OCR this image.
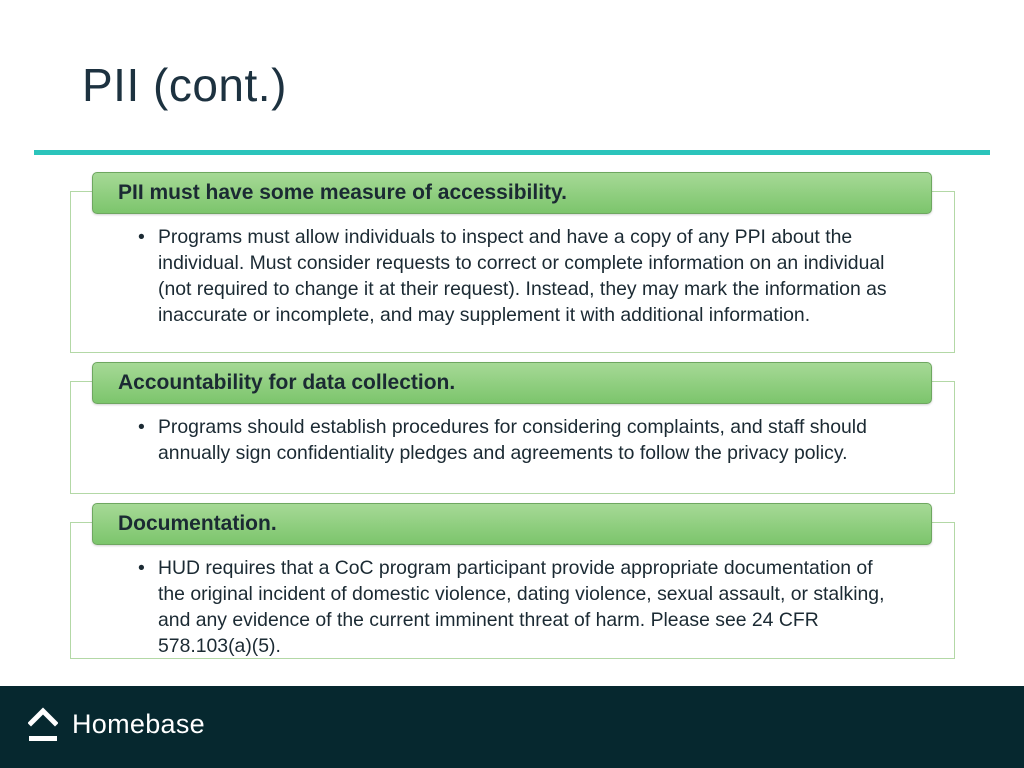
PII (cont.)
PII must have some measure of accessibility.
• Programs must allow individuals to inspect and have a copy of any PPI about the individual. Must consider requests to correct or complete information on an individual (not required to change it at their request). Instead, they may mark the information as inaccurate or incomplete, and may supplement it with additional information.
Accountability for data collection.
• Programs should establish procedures for considering complaints, and staff should annually sign confidentiality pledges and agreements to follow the privacy policy.
Documentation.
• HUD requires that a CoC program participant provide appropriate documentation of the original incident of domestic violence, dating violence, sexual assault, or stalking, and any evidence of the current imminent threat of harm. Please see 24 CFR 578.103(a)(5).
Homebase
